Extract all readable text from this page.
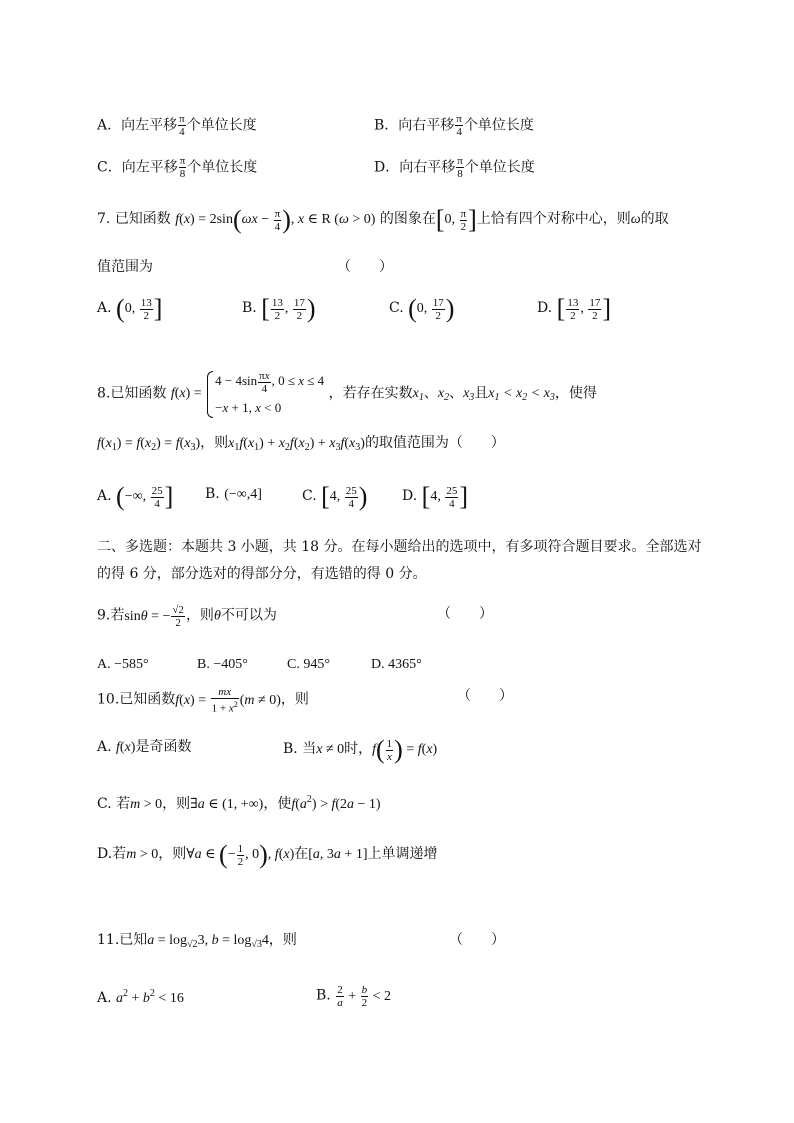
A．向左平移 $\frac{\pi}{4}$ 个单位长度	B．向右平移 $\frac{\pi}{4}$ 个单位长度
C．向左平移 $\frac{\pi}{8}$ 个单位长度	D．向右平移 $\frac{\pi}{8}$ 个单位长度
7. 已知函数 $f(x) = 2\sin(\omega x - \frac{\pi}{4}$ ), x ∈ R (ω > 0) 的图象在[0, $\frac{\pi}{2}$ ]上恰有四个对称中心，则ω的取
值范围为	（　　）
A. (0, $\frac{13}{2}$ ]	B. [ $\frac{13}{2}$ , $\frac{17}{2}$ )	C. (0, $\frac{17}{2}$ )	D. [ $\frac{13}{2}$ , $\frac{17}{2}$ ]
8.已知函数 f(x) =
$4 - 4\sin \frac{\pi x}{4}$ , 0 ≤ x ≤ 4
−x + 1, x < 0
，若存在实数$x_1$、$x_2$、$x_3$且$x_1 < x_2 < x_3$，使得
$f(x_1) = f(x_2) = f(x_3)$，则$x_1f(x_1) + x_2f(x_2) + x_3f(x_3)$的取值范围为（　　）
A. (−∞, $\frac{25}{4}$ ] B. (−∞,4]	C. [4, $\frac{25}{4}$ ) D. [4, $\frac{25}{4}$ ]
二、多选题：本题共 3 小题，共 18 分。在每小题给出的选项中，有多项符合题目要求。全部选对
的得 6 分，部分选对的得部分分，有选错的得 0 分。
9.若sinθ = − $\frac{√2}{2}$ ，则θ不可以为	（　　）
A. −585°	B. −405°	C. 945°	D. 4365°
10.已知函数$f(x) = \frac{mx}{1 + x^2} (m \ne 0)$，则	（　　）
A. f(x)是奇函数	B. 当x ≠ 0时，$f( \frac{1}{x}$ ) = f(x)
C. 若m > 0，则∃a ∈ (1, +∞)，使$f(a^2) > f(2a - 1)$
D.若m > 0，则∀a ∈ (− $\frac{1}{2}$ , 0), f(x)在[a, 3a + 1]上单调递增
11.已知$a = \log_{√2}3$, $b = \log_{√3}4$，则	（　　）
A. $a^2 + b^2 < 16$	B. $\frac{2}{a} + \frac{b}{2} < 2$
